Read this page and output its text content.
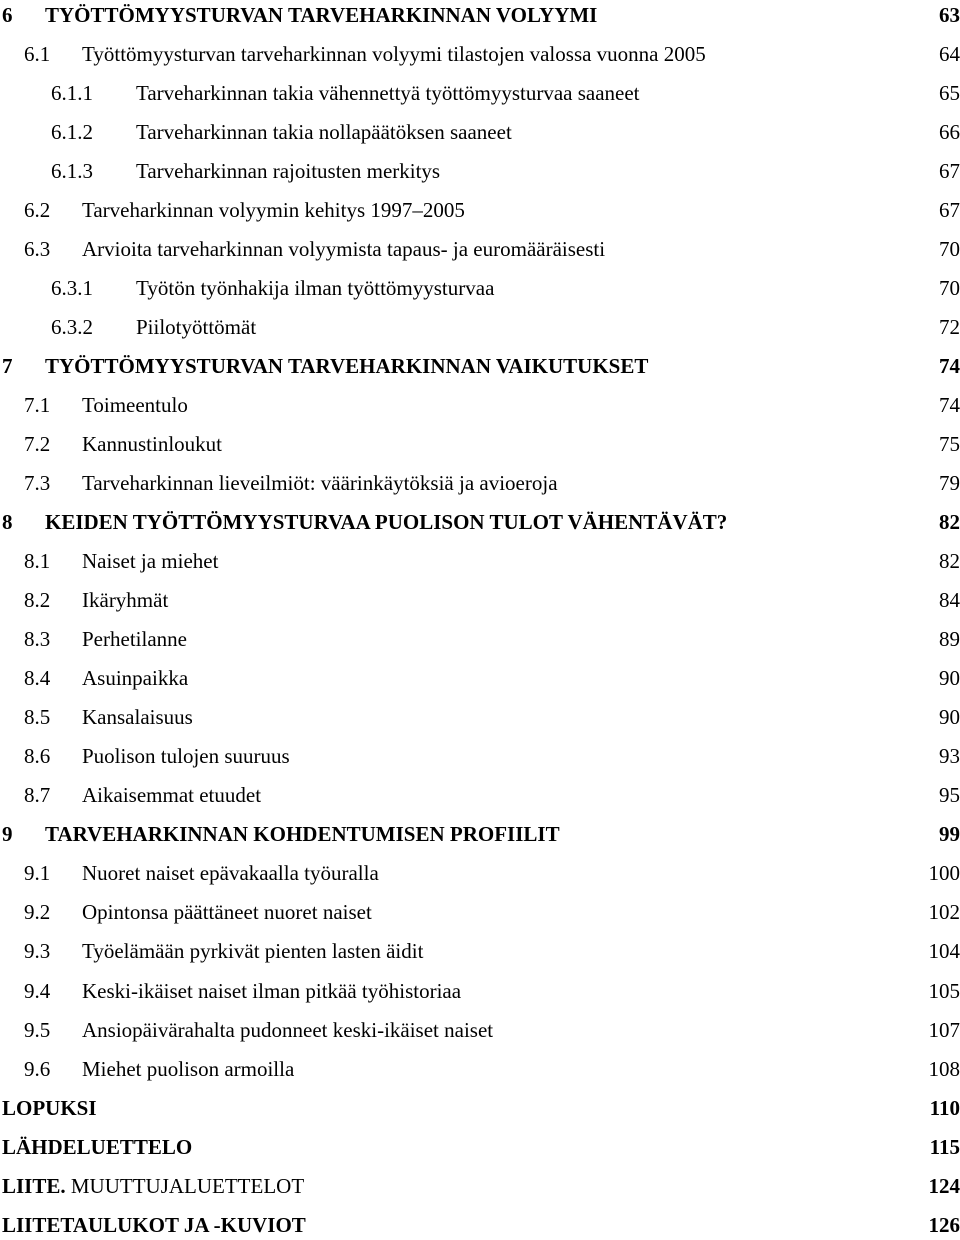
6 TYÖTTÖMYYSTURVAN TARVEHARKINNAN VOLYYMI	63
6.1 Työttömyysturvan tarveharkinnan volyymi tilastojen valossa vuonna 2005	64
6.1.1 Tarveharkinnan takia vähennettyä työttömyysturvaa saaneet	65
6.1.2 Tarveharkinnan takia nollapäätöksen saaneet	66
6.1.3 Tarveharkinnan rajoitusten merkitys	67
6.2 Tarveharkinnan volyymin kehitys 1997–2005	67
6.3 Arvioita tarveharkinnan volyymista tapaus- ja euromääräisesti	70
6.3.1 Työtön työnhakija ilman työttömyysturvaa	70
6.3.2 Piilotyöttömät	72
7 TYÖTTÖMYYSTURVAN TARVEHARKINNAN VAIKUTUKSET	74
7.1 Toimeentulo	74
7.2 Kannustinloukut	75
7.3 Tarveharkinnan lieveilmiöt: väärinkäytöksiä ja avioeroja	79
8 KEIDEN TYÖTTÖMYYSTURVAA PUOLISON TULOT VÄHENTÄVÄT?	82
8.1 Naiset ja miehet	82
8.2 Ikäryhmät	84
8.3 Perhetilanne	89
8.4 Asuinpaikka	90
8.5 Kansalaisuus	90
8.6 Puolison tulojen suuruus	93
8.7 Aikaisemmat etuudet	95
9 TARVEHARKINNAN KOHDENTUMISEN PROFIILIT	99
9.1 Nuoret naiset epävakaalla työuralla	100
9.2 Opintonsa päättäneet nuoret naiset	102
9.3 Työelämään pyrkivät pienten lasten äidit	104
9.4 Keski-ikäiset naiset ilman pitkää työhistoriaa	105
9.5 Ansiopäivärahalta pudonneet keski-ikäiset naiset	107
9.6 Miehet puolison armoilla	108
LOPUKSI	110
LÄHDELUETTELO	115
LIITE. MUUTTUJALUETTELOT	124
LIITETAULUKOT JA -KUVIOT	126
